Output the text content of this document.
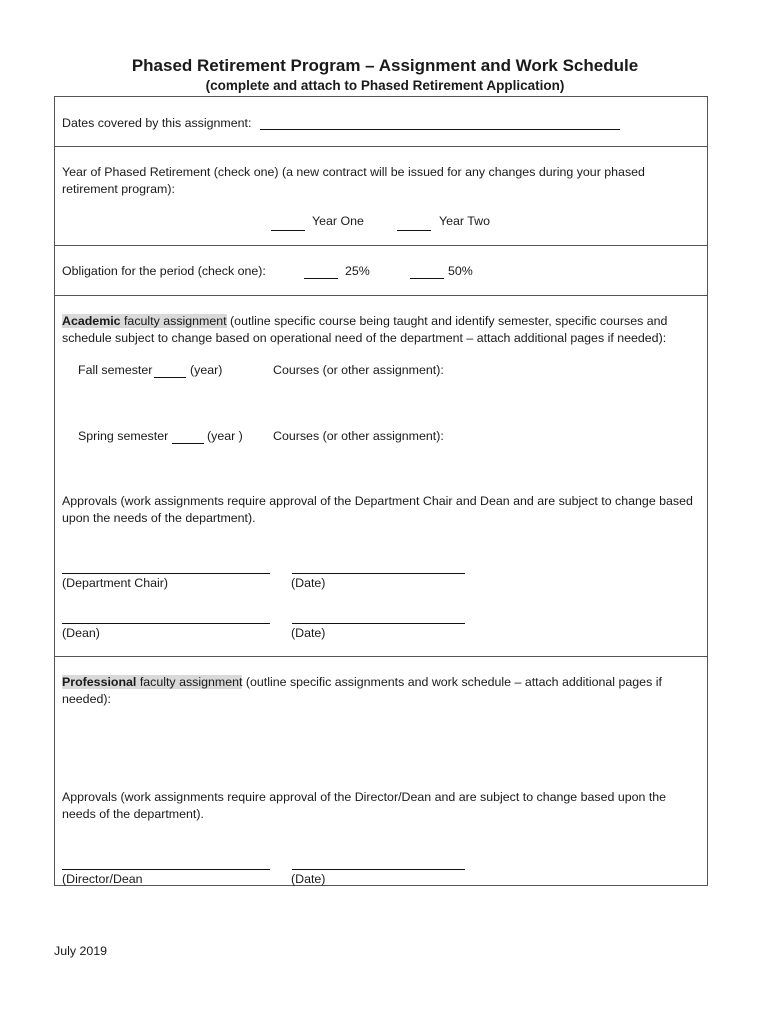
Phased Retirement Program – Assignment and Work Schedule
(complete and attach to Phased Retirement Application)
Dates covered by this assignment:
Year of Phased Retirement (check one) (a new contract will be issued for any changes during your phased retirement program):
Year One	Year Two
Obligation for the period (check one):	25%	50%
Academic faculty assignment (outline specific course being taught and identify semester, specific courses and schedule subject to change based on operational need of the department – attach additional pages if needed):
Fall semester	(year)	Courses (or other assignment):
Spring semester	(year ) Courses (or other assignment):
Approvals (work assignments require approval of the Department Chair and Dean and are subject to change based upon the needs of the department).
(Department Chair)	(Date)
(Dean)	(Date)
Professional faculty assignment (outline specific assignments and work schedule – attach additional pages if needed):
Approvals (work assignments require approval of the Director/Dean and are subject to change based upon the needs of the department).
(Director/Dean	(Date)
July 2019
